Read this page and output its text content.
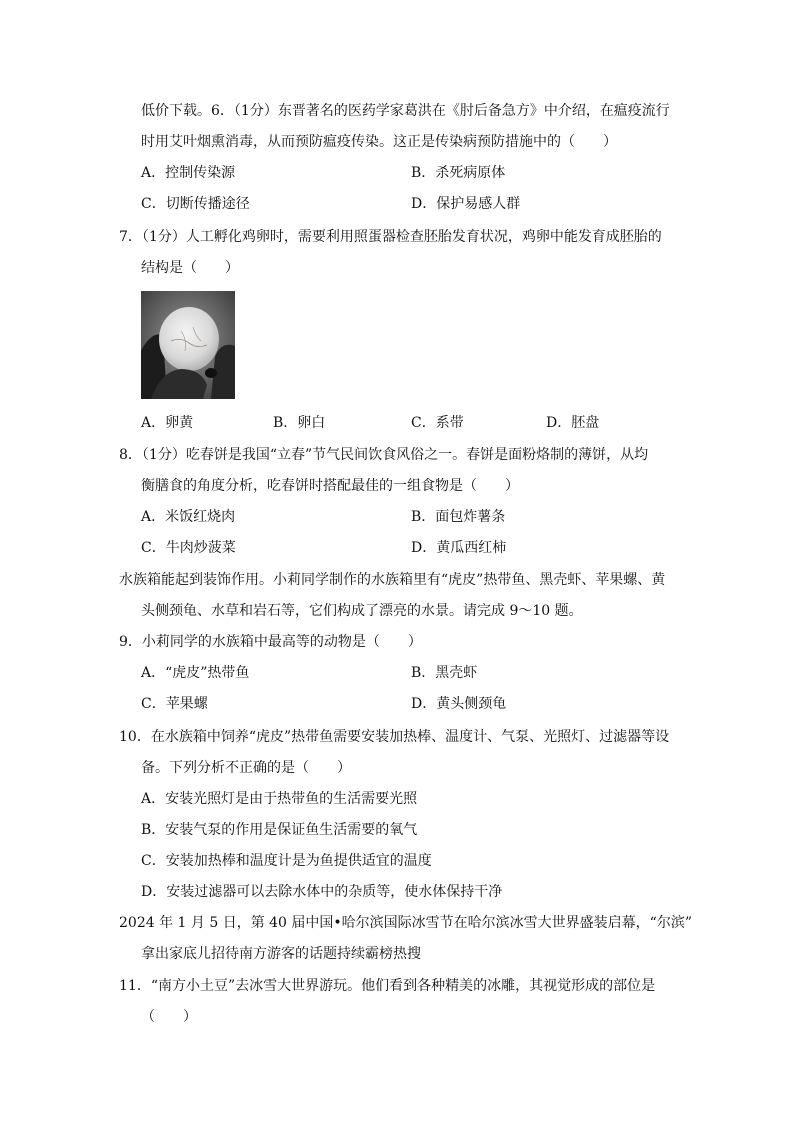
低价下载。6．（1分）东晋著名的医药学家葛洪在《肘后备急方》中介绍，在瘟疫流行
时用艾叶烟熏消毒，从而预防瘟疫传染。这正是传染病预防措施中的（　　）
A．控制传染源	B．杀死病原体
C．切断传播途径	D．保护易感人群
7．（1分）人工孵化鸡卵时，需要利用照蛋器检查胚胎发育状况，鸡卵中能发育成胚胎的
结构是（　　）
A．卵黄	B．卵白	C．系带	D．胚盘
8．（1分）吃春饼是我国“立春”节气民间饮食风俗之一。春饼是面粉烙制的薄饼，从均
衡膳食的角度分析，吃春饼时搭配最佳的一组食物是（　　）
A．米饭红烧肉	B．面包炸薯条
C．牛肉炒菠菜	D．黄瓜西红柿
水族箱能起到装饰作用。小莉同学制作的水族箱里有“虎皮”热带鱼、黑壳虾、苹果螺、黄
头侧颈龟、水草和岩石等，它们构成了漂亮的水景。请完成 9～10 题。
9．小莉同学的水族箱中最高等的动物是（　　）
A．“虎皮”热带鱼	B．黑壳虾
C．苹果螺	D．黄头侧颈龟
10．在水族箱中饲养“虎皮”热带鱼需要安装加热棒、温度计、气泵、光照灯、过滤器等设
备。下列分析不正确的是（　　）
A．安装光照灯是由于热带鱼的生活需要光照
B．安装气泵的作用是保证鱼生活需要的氧气
C．安装加热棒和温度计是为鱼提供适宜的温度
D．安装过滤器可以去除水体中的杂质等，使水体保持干净
2024 年 1 月 5 日，第 40 届中国•哈尔滨国际冰雪节在哈尔滨冰雪大世界盛装启幕，“尔滨”
拿出家底儿招待南方游客的话题持续霸榜热搜
11．“南方小土豆”去冰雪大世界游玩。他们看到各种精美的冰雕，其视觉形成的部位是
（　　）
